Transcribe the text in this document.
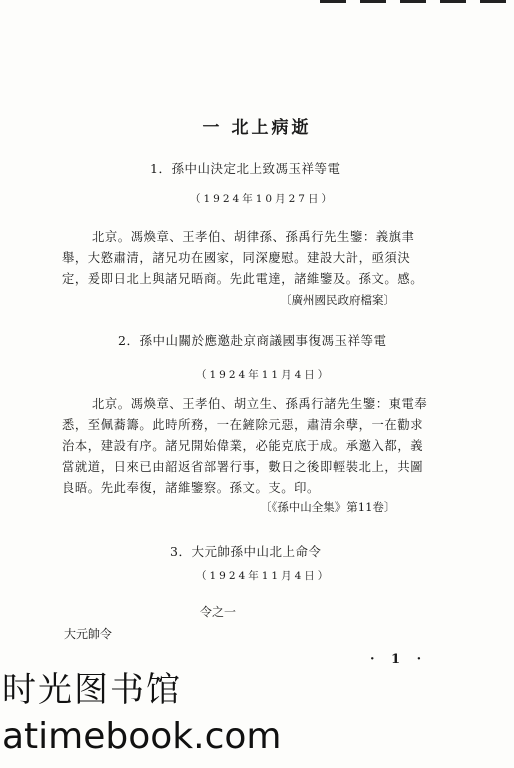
一 北上病逝
1．孫中山決定北上致馮玉祥等電
（1924年10月27日）
北京。馮煥章、王孝伯、胡律孫、孫禹行先生鑒：義旗聿舉，大憝肅清，諸兄功在國家，同深慶慰。建設大計，亟須決定，爰即日北上與諸兄晤商。先此電達，諸維鑒及。孫文。感。
〔廣州國民政府檔案〕
2．孫中山關於應邀赴京商議國事復馮玉祥等電
（1924年11月4日）
北京。馮煥章、王孝伯、胡立生、孫禹行諸先生鑒：東電奉悉，至佩蕎籌。此時所務，一在鏟除元惡，肅清余孽，一在勸求治本，建設有序。諸兄開始偉業，必能克底于成。承邀入都，義當就道，日來已由韶返省部署行事，數日之後即輕裝北上，共圖良晤。先此奉復，諸維鑒察。孫文。支。印。
〔《孫中山全集》第11卷〕
3．大元帥孫中山北上命令
（1924年11月4日）
令之一
大元帥令
· 1 ·
时光图书馆
atimebook.com
